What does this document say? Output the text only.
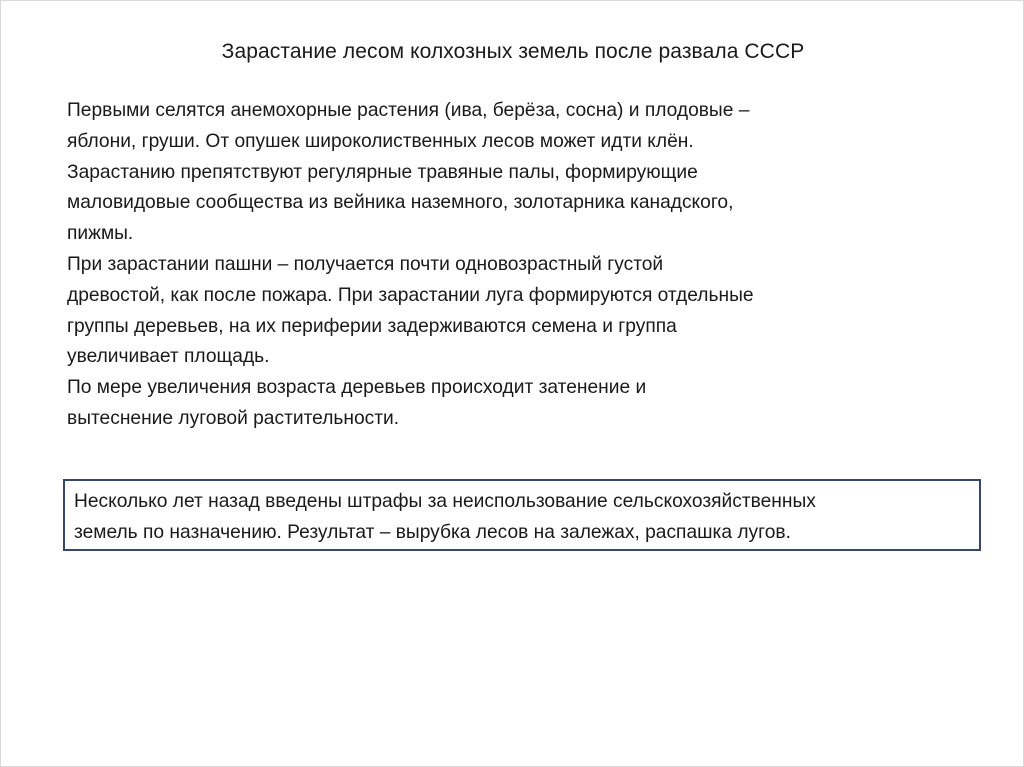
Зарастание лесом колхозных земель после развала СССР
Первыми селятся анемохорные растения (ива, берёза, сосна) и плодовые –
яблони, груши. От опушек широколиственных лесов может идти клён.
Зарастанию препятствуют регулярные травяные палы, формирующие
маловидовые сообщества из вейника наземного, золотарника канадского,
пижмы.
При зарастании пашни – получается почти одновозрастный густой
древостой, как после пожара. При зарастании луга формируются отдельные
группы деревьев, на их периферии задерживаются семена и группа
увеличивает площадь.
По мере увеличения возраста деревьев происходит затенение и
вытеснение луговой растительности.
Несколько лет назад введены штрафы за неиспользование сельскохозяйственных
земель по назначению. Результат – вырубка лесов на залежах, распашка лугов.
